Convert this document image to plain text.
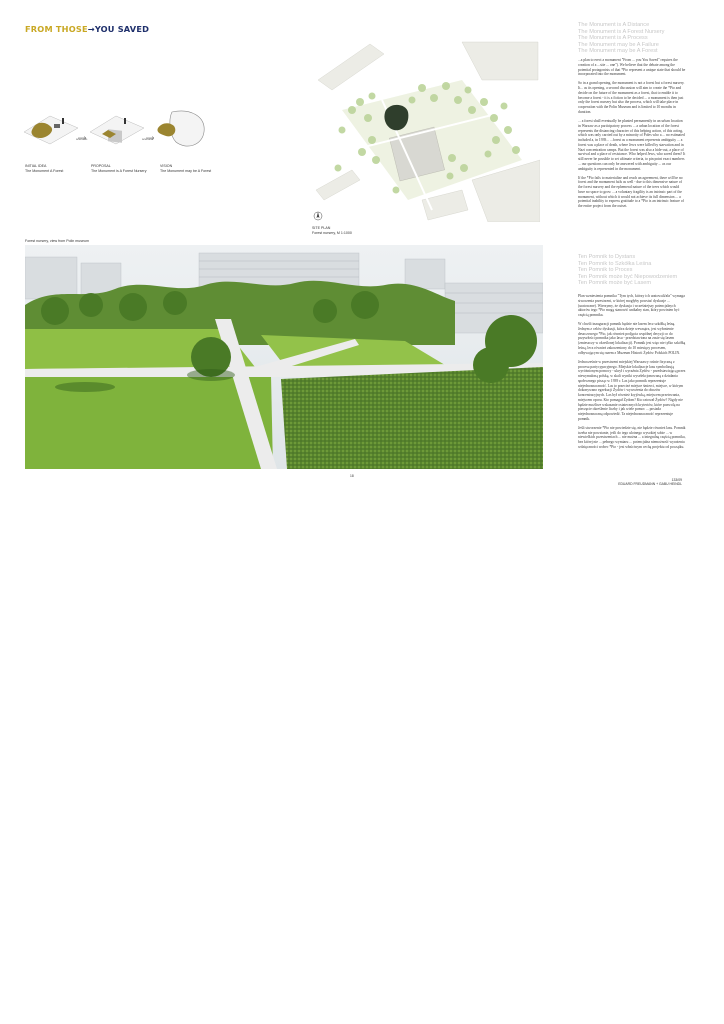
FROM THOSE→YOU SAVED
scenario	scenario
INITIAL IDEA
The Monument A Forest
PROPOSAL
The Monument is A Forest Nursery
VISION
The Monument may be A Forest
SITE PLAN
Forest nursery, M 1:1000
Forest nursery, view from Polin museum
18
The Monument is A Distance
The Monument is A Forest Nursery
The Monument is A Process
The Monument may be A Failure
The Monument may be A Forest

...a plan to erect a monument "From ... you You Saved" requires the creation of a ...site ... one"). We believe that the debate among the potential protagonists of that *Pio represent a unique state that should be incorporated into the monument.

So in a grand opening, the monument is not a forest but a forest nursery. It... as its opening, a second discussion will aim to create the *Pio and decide on the future of the monument as a forest, that to enable it to become a forest - it is a fiction to be decided ... a monument is then just only the forest nursery but also the process, which will take place in cooperation with the Polin Museum and is limited to 10 months in duration.

... a forest shall eventually be planted permanently in an urban location in Warsaw as a participatory process ... a urban location of the forest represents the distancing character of this helping action, of this acting, which was only carried out by a minority of Poles who a ... no estimated included a, in 1939... ...forest as a monument represents ambiguity ... a forest was a place of death, where Jews were killed by starvation and in Nazi concentration camps. But the forest was also a hide-out, a place of survival and a place of resistance. Who helped Jews, who saved them? It still never be possible to set ultimate criteria, to pin point exact numbers ... our questions can only be answered with ambiguity ... as our ambiguity is represented in the monument.

If the *Pio fails to materialize and reach an agreement, there will be no forest and the monument fails as well - due to this dimensive nature of the forest nursery and the ephemeral nature of the trees which would have no space to grow ... a voluntary fragility is an intrinsic part of the monument, without which it would not achieve its full dimension ... a potential inability to express gratitude to a *Pio is an intrinsic feature of the entire project from the outset.

Ten Pomnik to Dystans
Ten Pomnik to Szkółka Leśna
Ten Pomnik to Proces
Ten Pomnik może być Niepowodzeniem
Ten Pomnik może być Lasem

Plan wzniesienia pomnika "Tym tych, którzy ich uratowali/ała" wymaga stworzenia przestrzeni, w której mogłyby powstać dyskusje ... (uratowane). Wierzymy, że dyskusja i wcześniejszy potencjalnych aktorów tego *Pio mogą stanowić unikalny stan, który powinien być częścią pomnika.

W chwili inauguracji pomnik będzie nie lasem lecz szkółką leśną. Jednym z celów dyskusji, która dzieje wewnątrz, jest wyłonienie deszczowego *Pio, jak również podjęcia wspólnej decyzji co do przyszłości pomnika jako lasu - przedstawiona na zasie się lasem (zmieszczy w określonej lokalizacji). Pomnik jest więc nie tylko szkółką leśną, lecz również zakorzeniony do 10 miesięcy procesem, odbywającym się razem z Muzeum Historii Żydów Polskich POLIN.

Jednocześnie w przestrzeni miejskiej Warszawy rośnie fizyczną z procesu partycypacyjnego. Miejskie lokalizacje lasu symbolizują wyróżnionym pomocy - ukrył i wyraźnia Żydów - przedstawiającą przez niewymaloną polską, w skali wyniki wyselekcjonowaną z działania społecznego pisząc w 1939 r. Las jako pomnik reprezentuje niejednoznaczność. Las to przecież miejsce śmierci, miejsce, w którym dokonywano egzekucji Żydów i wywożenia do obozów koncentracyjnych. Las był również kryjówką, miejscem przetrwania, miejscem oporu. Kto pomagał Żydom? Kto ratował Żydów? Nigdy nie będzie możliwe wskazanie ostatecznych kryteriów, które pozwolą na pieczęcie określenie liczby i jak wiele pomoc ... posiada niejednoznaczną odpowiedź. Ta niejednoznaczność reprezentuje pomnik.

Jeśli stworzenie *Pio nie powiedzie się, nie będzie również lasu. Pomnik trzeba nie powstanie, jeśli do tego ulotnego wysokiej sobie ... w niewielkich przestrzeniach ... nie można ... a integralną częścią pomnika, bez której nie ... pełnego wymiaru ... potencjalna niemożność wyrażenia wdzięczności wobec *Pio - jest właściwym cechą projektu od początku.

133/09
EDUARD FREUDMANN + GABU HEINDL
